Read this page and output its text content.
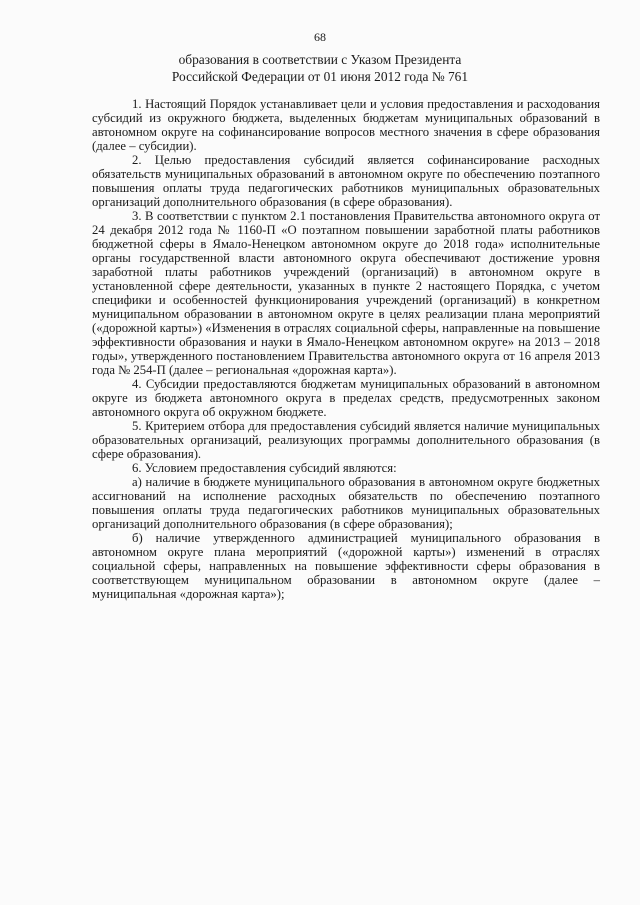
68

образования в соответствии с Указом Президента
Российской Федерации от 01 июня 2012 года № 761

1. Настоящий Порядок устанавливает цели и условия предоставления и расходования субсидий из окружного бюджета, выделенных бюджетам муниципальных образований в автономном округе на софинансирование вопросов местного значения в сфере образования (далее – субсидии).

2. Целью предоставления субсидий является софинансирование расходных обязательств муниципальных образований в автономном округе по обеспечению поэтапного повышения оплаты труда педагогических работников муниципальных образовательных организаций дополнительного образования (в сфере образования).

3. В соответствии с пунктом 2.1 постановления Правительства автономного округа от 24 декабря 2012 года № 1160-П «О поэтапном повышении заработной платы работников бюджетной сферы в Ямало-Ненецком автономном округе до 2018 года» исполнительные органы государственной власти автономного округа обеспечивают достижение уровня заработной платы работников учреждений (организаций) в автономном округе в установленной сфере деятельности, указанных в пункте 2 настоящего Порядка, с учетом специфики и особенностей функционирования учреждений (организаций) в конкретном муниципальном образовании в автономном округе в целях реализации плана мероприятий («дорожной карты») «Изменения в отраслях социальной сферы, направленные на повышение эффективности образования и науки в Ямало-Ненецком автономном округе» на 2013 – 2018 годы», утвержденного постановлением Правительства автономного округа от 16 апреля 2013 года № 254-П (далее – региональная «дорожная карта»).

4. Субсидии предоставляются бюджетам муниципальных образований в автономном округе из бюджета автономного округа в пределах средств, предусмотренных законом автономного округа об окружном бюджете.

5. Критерием отбора для предоставления субсидий является наличие муниципальных образовательных организаций, реализующих программы дополнительного образования (в сфере образования).

6. Условием предоставления субсидий являются:

а) наличие в бюджете муниципального образования в автономном округе бюджетных ассигнований на исполнение расходных обязательств по обеспечению поэтапного повышения оплаты труда педагогических работников муниципальных образовательных организаций дополнительного образования (в сфере образования);

б) наличие утвержденного администрацией муниципального образования в автономном округе плана мероприятий («дорожной карты») изменений в отраслях социальной сферы, направленных на повышение эффективности сферы образования в соответствующем муниципальном образовании в автономном округе (далее – муниципальная «дорожная карта»);
